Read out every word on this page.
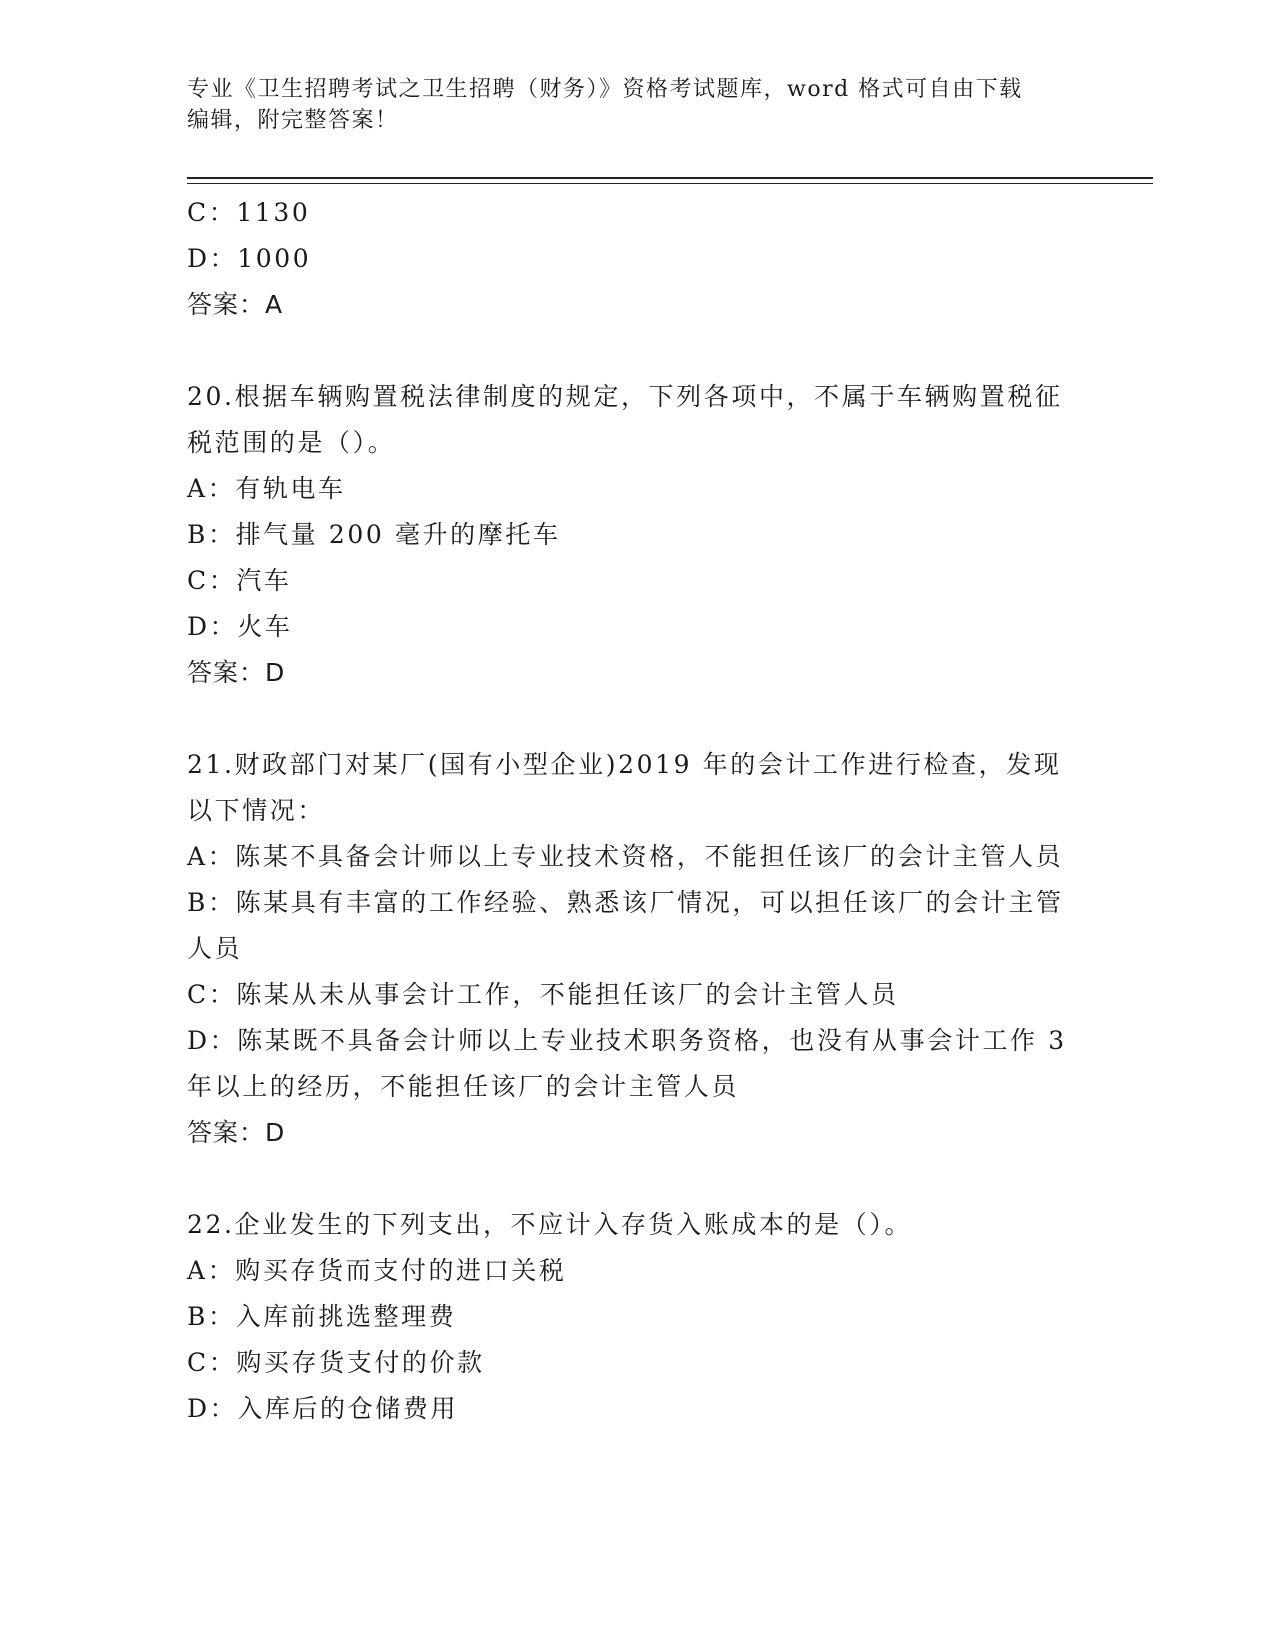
专业《卫生招聘考试之卫生招聘（财务）》资格考试题库，word 格式可自由下载
编辑，附完整答案！

C：1130

D：1000

答案：A

20.根据车辆购置税法律制度的规定，下列各项中，不属于车辆购置税征税范围的是（）。

A：有轨电车

B：排气量 200 毫升的摩托车

C：汽车

D：火车

答案：D

21.财政部门对某厂(国有小型企业)2019 年的会计工作进行检查，发现以下情况：

A：陈某不具备会计师以上专业技术资格，不能担任该厂的会计主管人员

B：陈某具有丰富的工作经验、熟悉该厂情况，可以担任该厂的会计主管人员

C：陈某从未从事会计工作，不能担任该厂的会计主管人员

D：陈某既不具备会计师以上专业技术职务资格，也没有从事会计工作 3 年以上的经历，不能担任该厂的会计主管人员

答案：D

22.企业发生的下列支出，不应计入存货入账成本的是（）。

A：购买存货而支付的进口关税

B：入库前挑选整理费

C：购买存货支付的价款

D：入库后的仓储费用
